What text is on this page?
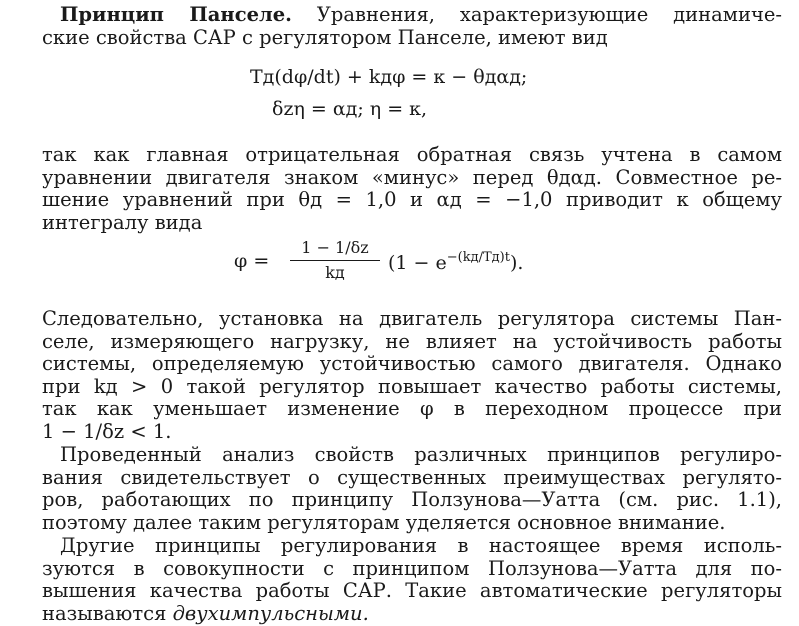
Принцип Панселе. Уравнения, характеризующие динамиче-
ские свойства САР с регулятором Панселе, имеют вид
Tд(dφ/dt) + kдφ = κ − θдαд;
δzη = αд; η = κ,
так как главная отрицательная обратная связь учтена в самом
уравнении двигателя знаком «минус» перед θдαд. Совместное ре-
шение уравнений при θд = 1,0 и αд = −1,0 приводит к общему
интегралу вида
φ =
1 − 1/δz
kд	$(1 - e^{-(kд/Tд)t})$.
Следовательно, установка на двигатель регулятора системы Пан-
селе, измеряющего нагрузку, не влияет на устойчивость работы
системы, определяемую устойчивостью самого двигателя. Однако
при kд > 0 такой регулятор повышает качество работы системы,
так как уменьшает изменение φ в переходном процессе при
1 − 1/δz < 1.
Проведенный анализ свойств различных принципов регулиро-
вания свидетельствует о существенных преимуществах регулято-
ров, работающих по принципу Ползунова—Уатта (см. рис. 1.1),
поэтому далее таким регуляторам уделяется основное внимание.
Другие принципы регулирования в настоящее время исполь-
зуются в совокупности с принципом Ползунова—Уатта для по-
вышения качества работы САР. Такие автоматические регуляторы
называются двухимпульсными.
